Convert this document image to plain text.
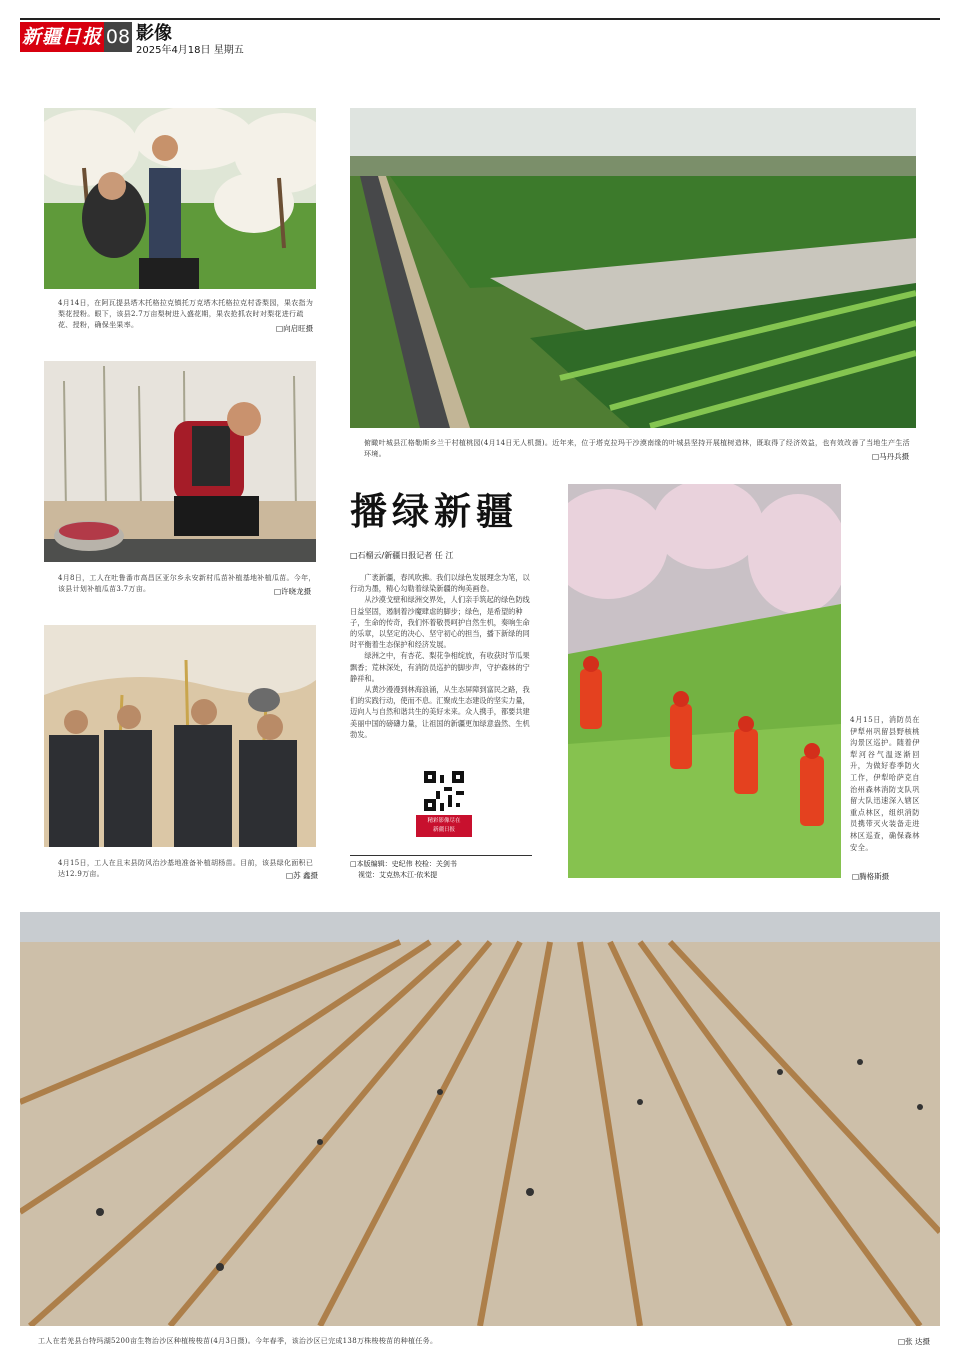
新疆日报 08 影像
2025年4月18日 星期五
4月14日，在阿瓦提县塔木托格拉克镇托万克塔木托格拉克村香梨园，果农指为梨花授粉。眼下，该县2.7万亩梨树进入盛花期，果农抢抓农时对梨花进行疏花、授粉，确保坐果率。	□向启旺摄
4月8日，工人在吐鲁番市高昌区亚尔乡永安新村瓜苗补植基地补植瓜苗。今年，该县计划补植瓜苗3.7万亩。	□许晓龙摄
4月15日，工人在且末县防风治沙基地准备补植胡杨苗。目前，该县绿化面积已达12.9万亩。	□苏 鑫摄
俯瞰叶城县江格勒斯乡兰干村植桃园(4月14日无人机摄)。近年来，位于塔克拉玛干沙漠南缘的叶城县坚持开展植树造林，既取得了经济效益，也有效改善了当地生产生活环境。	□马丹兵摄
播绿新疆
□石榴云/新疆日报记者 任 江

广袤新疆，春风吹拂。我们以绿色发展理念为笔，以行动为墨，精心勾勒着绿染新疆的绚美画卷。

从沙漠戈壁和绿洲交界处，人们亲手筑起的绿色防线日益坚固，遏制着沙魔肆虐的脚步；绿色，是希望的种子，生命的传奇，我们怀着敬畏呵护自然生机，奏响生命的乐章，以坚定的决心、坚守初心的担当，播下新绿的同时平衡着生态保护和经济发展。

绿洲之中，有杏花、梨花争相绽放，有收获时节瓜果飘香；荒林深处，有消防员巡护的脚步声，守护森林的宁静祥和。

从黄沙漫漫到林海浪涌，从生态屏障到富民之路，我们的实践行动，使而不息。汇聚成生态建设的坚实力量，迈向人与自然和谐共生的美好未来。众人携手，都要共建美丽中国的磅礴力量，让祖国的新疆更加绿意盎然、生机勃发。

精彩影像尽在
新疆日报
□本版编辑：史纪伟 校检：关剑书
视觉：艾克热木江·依米提
4月15日，消防员在伊犁州巩留县野核桃沟景区巡护。随着伊犁河谷气温逐渐回升，为做好春季防火工作，伊犁哈萨克自治州森林消防支队巩留大队迅速深入辖区重点林区，组织消防员携带灭火装备走进林区巡查，确保森林安全。
□腾格斯摄
工人在若羌县台特玛湖5200亩生物治沙区种植梭梭苗(4月3日摄)。今年春季，该治沙区已完成138万株梭梭苗的种植任务。	□张 达摄
